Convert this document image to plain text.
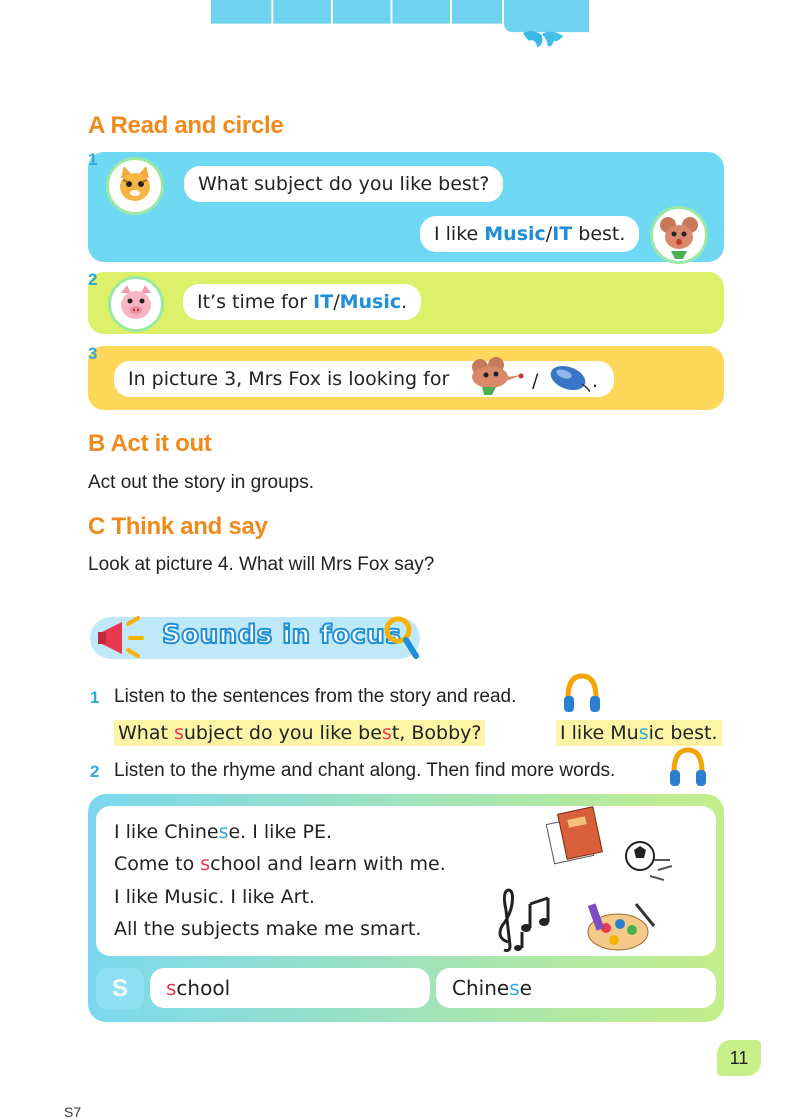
Unit 1
A Read and circle
1
What subject do you like best?
I like Music/IT best.
2
It’s time for IT/Music.
3
In picture 3, Mrs Fox is looking for	/	.
B Act it out
Act out the story in groups.
C Think and say
Look at picture 4. What will Mrs Fox say?
Sounds in focus
1 Listen to the sentences from the story and read.
What subject do you like best, Bobby?	I like Music best.
2 Listen to the rhyme and chant along. Then find more words.
I like Chinese. I like PE.
Come to school and learn with me.
I like Music. I like Art.
All the subjects make me smart.
S	school	Chinese
11
S7
